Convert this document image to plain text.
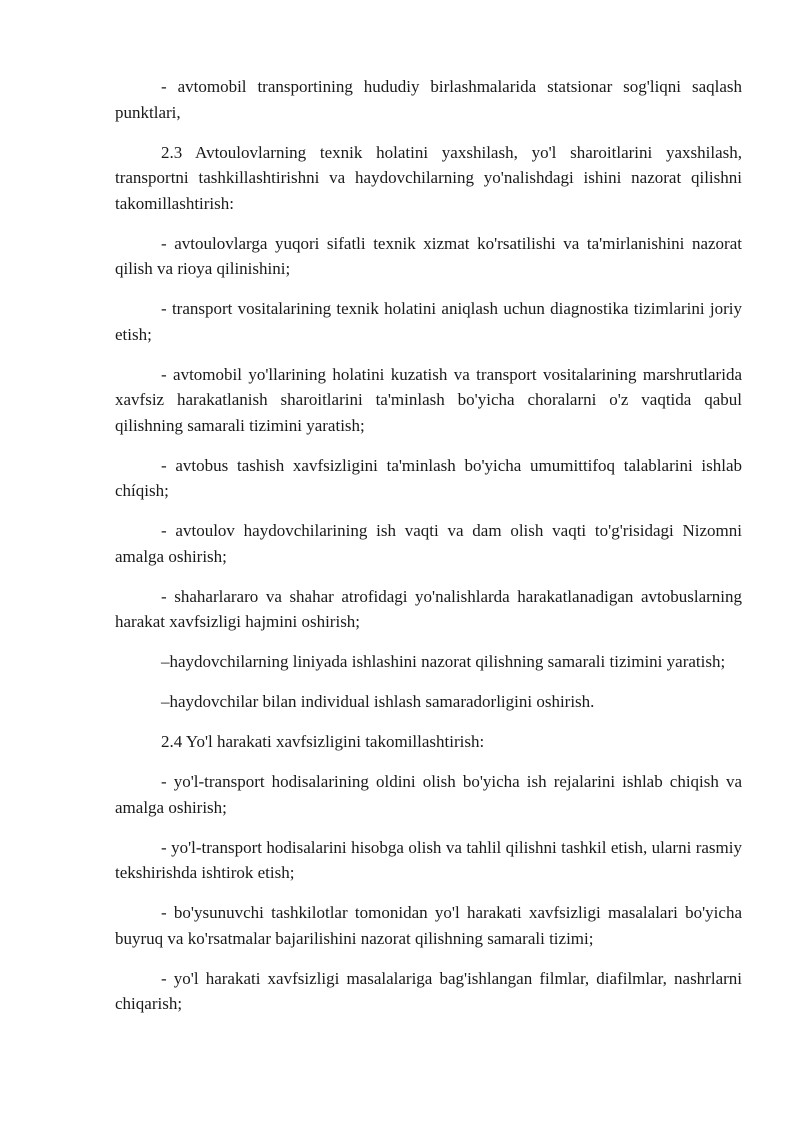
- avtomobil transportining hududiy birlashmalarida statsionar sog'liqni saqlash punktlari,

2.3 Avtoulovlarning texnik holatini yaxshilash, yo'l sharoitlarini yaxshilash, transportni tashkillashtirishni va haydovchilarning yo'nalishdagi ishini nazorat qilishni takomillashtirish:

- avtoulovlarga yuqori sifatli texnik xizmat ko'rsatilishi va ta'mirlanishini nazorat qilish va rioya qilinishini;

- transport vositalarining texnik holatini aniqlash uchun diagnostika tizimlarini joriy etish;

- avtomobil yo'llarining holatini kuzatish va transport vositalarining marshrutlarida xavfsiz harakatlanish sharoitlarini ta'minlash bo'yicha choralarni o'z vaqtida qabul qilishning samarali tizimini yaratish;

- avtobus tashish xavfsizligini ta'minlash bo'yicha umumittifoq talablarini ishlab chíqish;

- avtoulov haydovchilarining ish vaqti va dam olish vaqti to'g'risidagi Nizomni amalga oshirish;

- shaharlararo va shahar atrofidagi yo'nalishlarda harakatlanadigan avtobuslarning harakat xavfsizligi hajmini oshirish;

–haydovchilarning liniyada ishlashini nazorat qilishning samarali tizimini yaratish;

–haydovchilar bilan individual ishlash samaradorligini oshirish.

2.4 Yo'l harakati xavfsizligini takomillashtirish:

- yo'l-transport hodisalarining oldini olish bo'yicha ish rejalarini ishlab chiqish va amalga oshirish;

- yo'l-transport hodisalarini hisobga olish va tahlil qilishni tashkil etish, ularni rasmiy tekshirishda ishtirok etish;

- bo'ysunuvchi tashkilotlar tomonidan yo'l harakati xavfsizligi masalalari bo'yicha buyruq va ko'rsatmalar bajarilishini nazorat qilishning samarali tizimi;

- yo'l harakati xavfsizligi masalalariga bag'ishlangan filmlar, diafilmlar, nashrlarni chiqarish;
